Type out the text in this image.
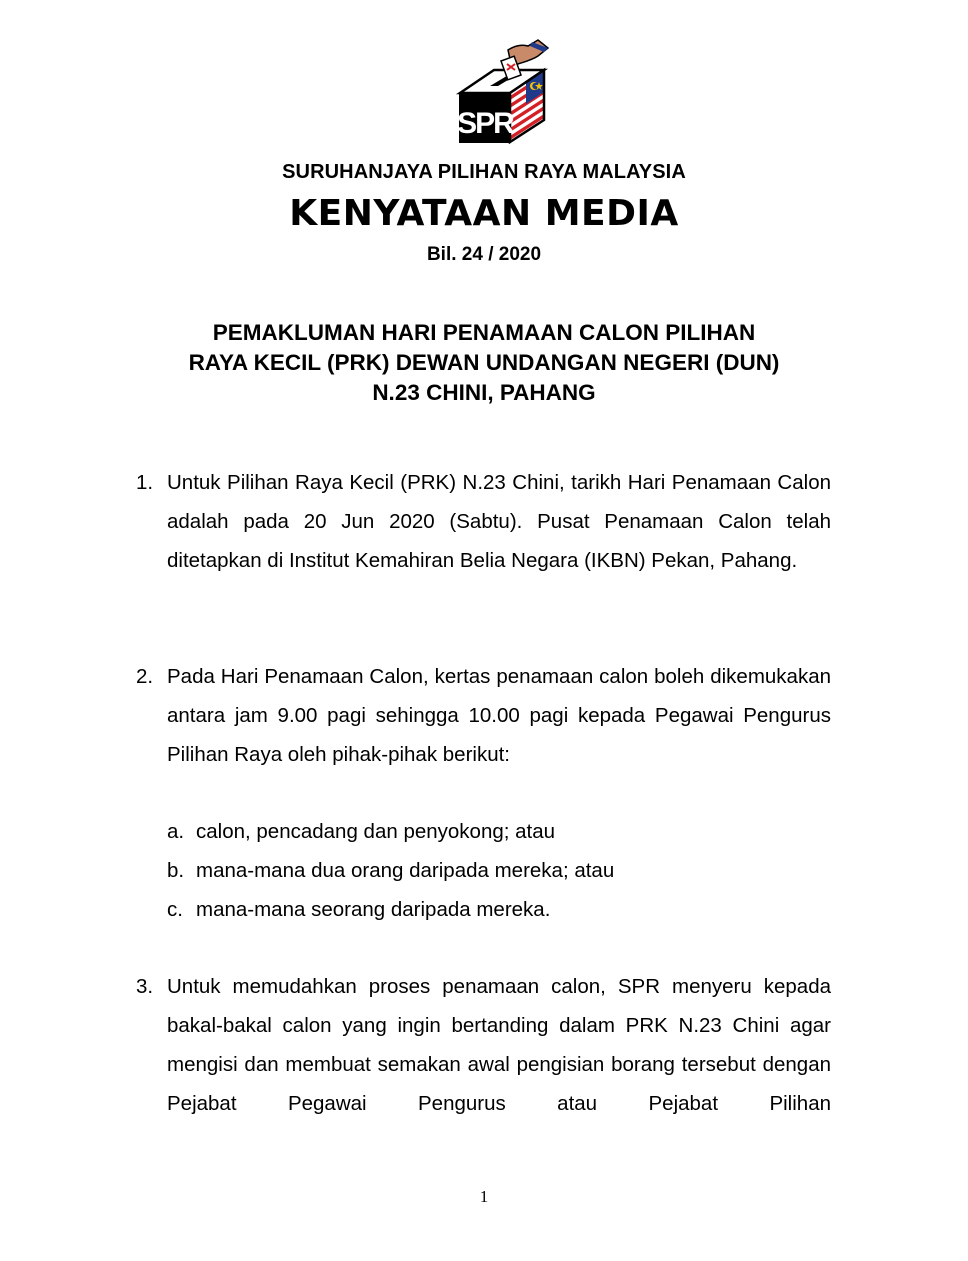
SPR
SURUHANJAYA PILIHAN RAYA MALAYSIA
KENYATAAN MEDIA
Bil. 24 / 2020
PEMAKLUMAN HARI PENAMAAN CALON PILIHAN
RAYA KECIL (PRK) DEWAN UNDANGAN NEGERI (DUN)
N.23 CHINI, PAHANG
1. Untuk Pilihan Raya Kecil (PRK) N.23 Chini, tarikh Hari Penamaan Calon adalah pada 20 Jun 2020 (Sabtu). Pusat Penamaan Calon telah ditetapkan di Institut Kemahiran Belia Negara (IKBN) Pekan, Pahang.
2. Pada Hari Penamaan Calon, kertas penamaan calon boleh dikemukakan antara jam 9.00 pagi sehingga 10.00 pagi kepada Pegawai Pengurus Pilihan Raya oleh pihak-pihak berikut:
a. calon, pencadang dan penyokong; atau
b. mana-mana dua orang daripada mereka; atau
c. mana-mana seorang daripada mereka.
3. Untuk memudahkan proses penamaan calon, SPR menyeru kepada bakal-bakal calon yang ingin bertanding dalam PRK N.23 Chini agar mengisi dan membuat semakan awal pengisian borang tersebut dengan Pejabat Pegawai Pengurus atau Pejabat Pilihan
1
